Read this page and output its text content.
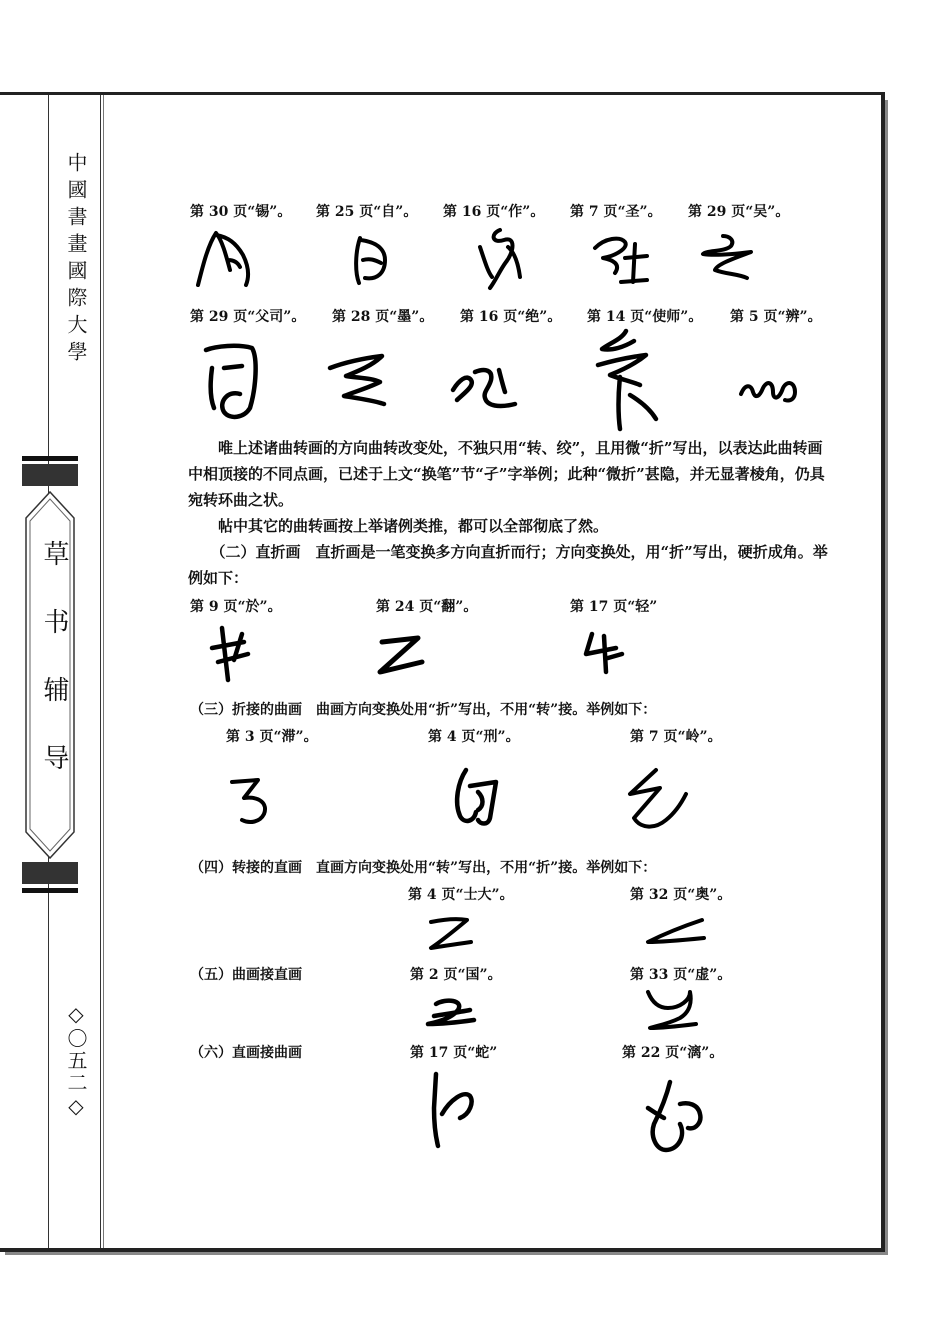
中國書畫國際大學
草书辅导
◇〇五二◇
第 30 页“锡”。 第 25 页“自”。 第 16 页“作”。 第 7 页“圣”。 第 29 页“吴”。
第 29 页“父司”。 第 28 页“墨”。 第 16 页“绝”。 第 14 页“使师”。 第 5 页“辨”。
　　唯上述诸曲转画的方向曲转改变处，不独只用“转、绞”，且用微“折”写出，以表达此曲转画中相顶接的不同点画，已述于上文“换笔”节“孑”字举例；此种“微折”甚隐，并无显著棱角，仍具宛转环曲之状。
　　帖中其它的曲转画按上举诸例类推，都可以全部彻底了然。
　　（二）直折画　直折画是一笔变换多方向直折而行；方向变换处，用“折”写出，硬折成角。举例如下：
第 9 页“於”。	第 24 页“翻”。	第 17 页“轻”
（三）折接的曲画　曲画方向变换处用“折”写出，不用“转”接。举例如下：
第 3 页“滞”。	第 4 页“刑”。	第 7 页“岭”。
（四）转接的直画　直画方向变换处用“转”写出，不用“折”接。举例如下：
第 4 页“士大”。	第 32 页“奥”。
（五）曲画接直画	第 2 页“国”。	第 33 页“虚”。
（六）直画接曲画	第 17 页“蛇”	第 22 页“漓”。
